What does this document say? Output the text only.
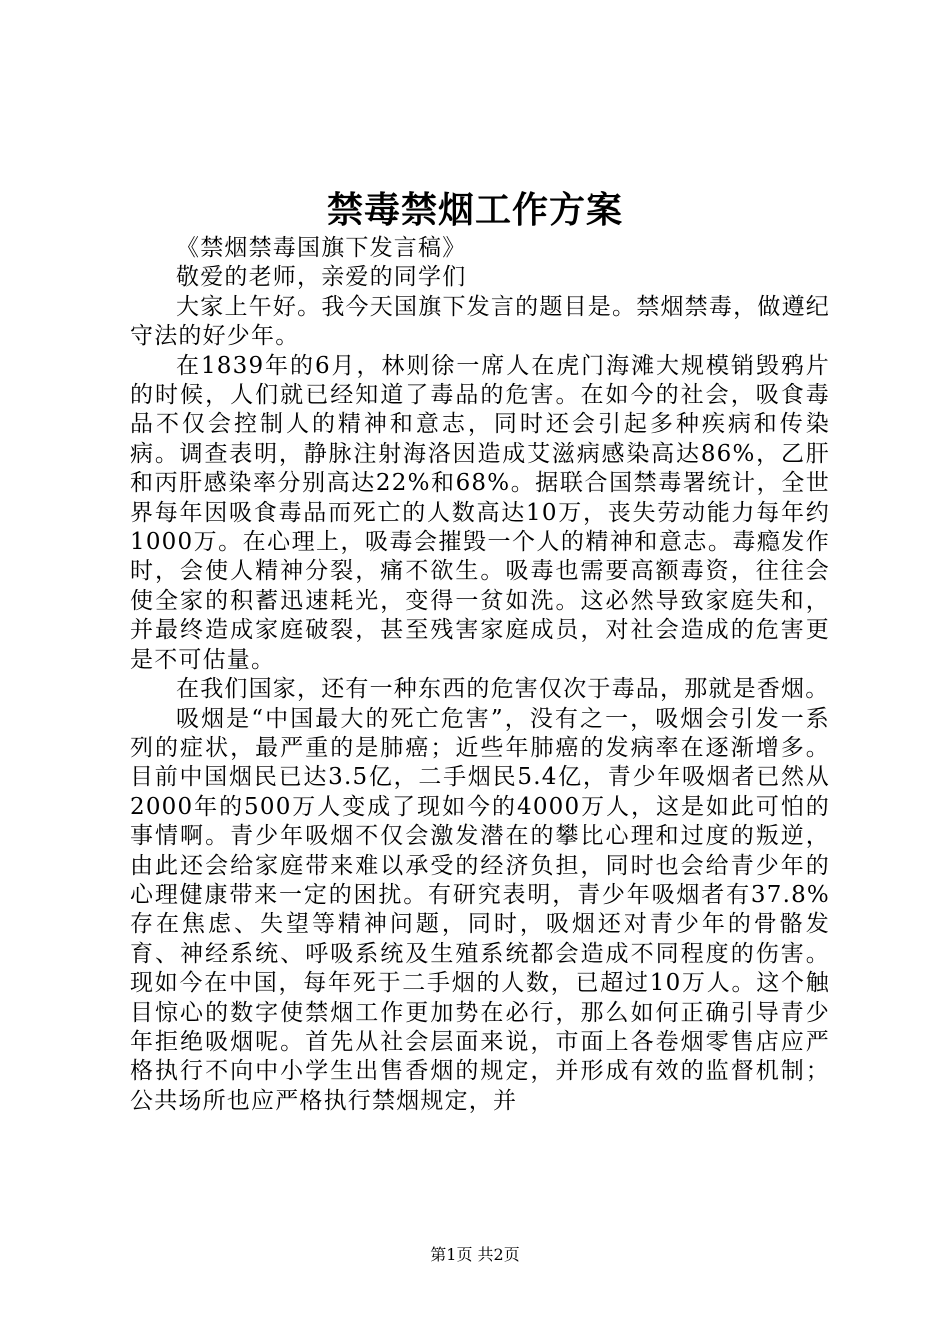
禁毒禁烟工作方案

《禁烟禁毒国旗下发言稿》

敬爱的老师，亲爱的同学们

大家上午好。我今天国旗下发言的题目是。禁烟禁毒，做遵纪守法的好少年。

在1839年的6月，林则徐一席人在虎门海滩大规模销毁鸦片的时候，人们就已经知道了毒品的危害。在如今的社会，吸食毒品不仅会控制人的精神和意志，同时还会引起多种疾病和传染病。调查表明，静脉注射海洛因造成艾滋病感染高达86%，乙肝和丙肝感染率分别高达22%和68%。据联合国禁毒署统计，全世界每年因吸食毒品而死亡的人数高达10万，丧失劳动能力每年约1000万。在心理上，吸毒会摧毁一个人的精神和意志。毒瘾发作时，会使人精神分裂，痛不欲生。吸毒也需要高额毒资，往往会使全家的积蓄迅速耗光，变得一贫如洗。这必然导致家庭失和，并最终造成家庭破裂，甚至残害家庭成员，对社会造成的危害更是不可估量。

在我们国家，还有一种东西的危害仅次于毒品，那就是香烟。

吸烟是“中国最大的死亡危害”，没有之一，吸烟会引发一系列的症状，最严重的是肺癌；近些年肺癌的发病率在逐渐增多。目前中国烟民已达3.5亿，二手烟民5.4亿，青少年吸烟者已然从2000年的500万人变成了现如今的4000万人，这是如此可怕的事情啊。青少年吸烟不仅会激发潜在的攀比心理和过度的叛逆，由此还会给家庭带来难以承受的经济负担，同时也会给青少年的心理健康带来一定的困扰。有研究表明，青少年吸烟者有37.8%存在焦虑、失望等精神问题，同时，吸烟还对青少年的骨骼发育、神经系统、呼吸系统及生殖系统都会造成不同程度的伤害。现如今在中国，每年死于二手烟的人数，已超过10万人。这个触目惊心的数字使禁烟工作更加势在必行，那么如何正确引导青少年拒绝吸烟呢。首先从社会层面来说，市面上各卷烟零售店应严格执行不向中小学生出售香烟的规定，并形成有效的监督机制；公共场所也应严格执行禁烟规定，并

第1页 共2页
